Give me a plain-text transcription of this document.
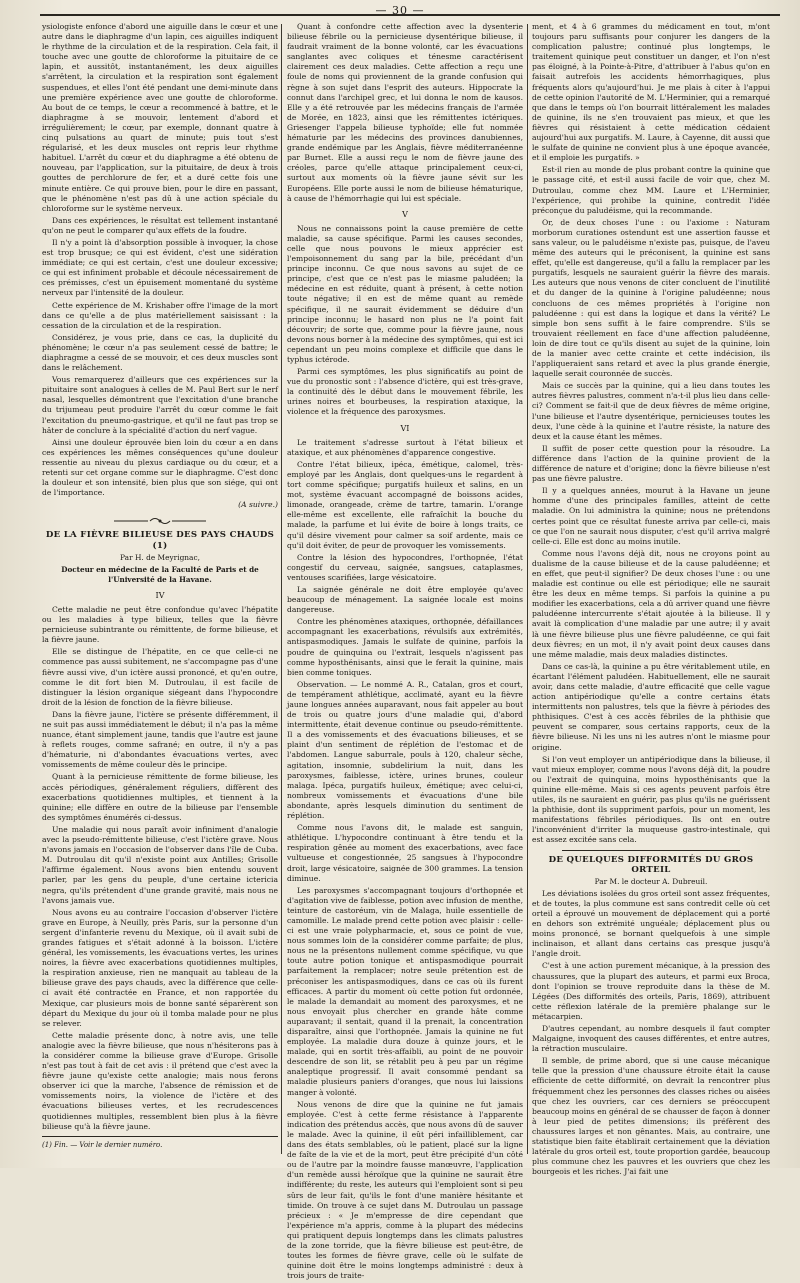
— 30 —

ysiologiste enfonce d'abord une aiguille dans le cœur et une autre dans le diaphragme d'un lapin, ces aiguilles indiquent le rhythme de la circulation et de la respiration. Cela fait, il touche avec une goutte de chloroforme la pituitaire de ce lapin, et aussitôt, instantanément, les deux aiguilles s'arrêtent, la circulation et la respiration sont également suspendues, et elles l'ont été pendant une demi-minute dans une première expérience avec une goutte de chloroforme. Au bout de ce temps, le cœur a recommencé à battre, et le diaphragme à se mouvoir, lentement d'abord et irrégulièrement; le cœur, par exemple, donnant quatre à cinq pulsations au quart de minute; puis tout s'est régularisé, et les deux muscles ont repris leur rhythme habituel. L'arrêt du cœur et du diaphragme a été obtenu de nouveau, par l'application, sur la pituitaire, de deux à trois gouttes de perchlorure de fer, et a duré cette fois une minute entière. Ce qui prouve bien, pour le dire en passant, que le phénomène n'est pas dû à une action spéciale du chloroforme sur le système nerveux.

Dans ces expériences, le résultat est tellement instantané qu'on ne peut le comparer qu'aux effets de la foudre.

Il n'y a point là d'absorption possible à invoquer, la chose est trop brusque; ce qui est évident, c'est une sidération immédiate; ce qui est certain, c'est une douleur excessive; ce qui est infiniment probable et découle nécessairement de ces prémisses, c'est un épuisement momentané du système nerveux par l'intensité de la douleur.

Cette expérience de M. Krishaber offre l'image de la mort dans ce qu'elle a de plus matériellement saisissant : la cessation de la circulation et de la respiration.

Considérez, je vous prie, dans ce cas, la duplicité du phénomène; le cœur n'a pas seulement cessé de battre; le diaphragme a cessé de se mouvoir, et ces deux muscles sont dans le relâchement.

Vous remarquerez d'ailleurs que ces expériences sur la pituitaire sont analogues à celles de M. Paul Bert sur le nerf nasal, lesquelles démontrent que l'excitation d'une branche du trijumeau peut produire l'arrêt du cœur comme le fait l'excitation du pneumo-gastrique, et qu'il ne faut pas trop se hâter de conclure à la spécialité d'action du nerf vague.

Ainsi une douleur éprouvée bien loin du cœur a en dans ces expériences les mêmes conséquences qu'une douleur ressentie au niveau du plexus cardiaque ou du cœur, et a retenti sur cet organe comme sur le diaphragme. C'est donc la douleur et son intensité, bien plus que son siége, qui ont de l'importance.

(A suivre.)
DE LA FIÈVRE BILIEUSE DES PAYS CHAUDS (1)
Par H. de Meyrignac,
Docteur en médecine de la Faculté de Paris et de l'Université de la Havane.
IV

Cette maladie ne peut être confondue qu'avec l'hépatite ou les maladies à type bilieux, telles que la fièvre pernicieuse subintrante ou rémittente, de forme bilieuse, et la fièvre jaune.

Elle se distingue de l'hépatite, en ce que celle-ci ne commence pas aussi subitement, ne s'accompagne pas d'une fièvre aussi vive, d'un ictère aussi prononcé, et qu'en outre, comme le dit fort bien M. Dutroulau, il est facile de distinguer la lésion organique siégeant dans l'hypocondre droit de la lésion de fonction de la fièvre bilieuse.

Dans la fièvre jaune, l'ictère se présente différemment, il ne suit pas aussi immédiatement le début; il n'a pas la même nuance, étant simplement jaune, tandis que l'autre est jaune à reflets rouges, comme safrané; en outre, il n'y a pas d'hématurie, ni d'abondantes évacuations vertes, avec vomissements de même couleur dès le principe.

Quant à la pernicieuse rémittente de forme bilieuse, les accès périodiques, généralement réguliers, diffèrent des exacerbations quotidiennes multiples, et tiennent à la quinine; elle diffère en outre de la bilieuse par l'ensemble des symptômes énumérés ci-dessus.

Une maladie qui nous paraît avoir infiniment d'analogie avec la pseudo-rémittente bilieuse, c'est l'ictère grave. Nous n'avons jamais en l'occasion de l'observer dans l'île de Cuba. M. Dutroulau dit qu'il n'existe point aux Antilles; Grisolle l'affirme également. Nous avons bien entendu souvent parler, par les gens du peuple, d'une certaine ictericia negra, qu'ils prétendent d'une grande gravité, mais nous ne l'avons jamais vue.

Nous avons eu au contraire l'occasion d'observer l'ictère grave en Europe, à Neuilly, près Paris, sur la personne d'un sergent d'infanterie revenu du Mexique, où il avait subi de grandes fatigues et s'était adonné à la boisson. L'ictère général, les vomissements, les évacuations vertes, les urines noires, la fièvre avec exacerbations quotidiennes multiples, la respiration anxieuse, rien ne manquait au tableau de la bilieuse grave des pays chauds, avec la différence que celle-ci avait été contractée en France, et non rapportée du Mexique, car plusieurs mois de bonne santé séparèrent son départ du Mexique du jour où il tomba malade pour ne plus se relever.

Cette maladie présente donc, à notre avis, une telle analogie avec la fièvre bilieuse, que nous n'hésiterons pas à la considérer comme la bilieuse grave d'Europe. Grisolle n'est pas tout à fait de cet avis : il prétend que c'est avec la fièvre jaune qu'existe cette analogie; mais nous ferons observer ici que la marche, l'absence de rémission et de vomissements noirs, la violence de l'ictère et des évacuations bilieuses vertes, et les recrudescences quotidiennes multiples, ressemblent bien plus à la fièvre bilieuse qu'à la fièvre jaune.

(1) Fin. — Voir le dernier numéro.

Quant à confondre cette affection avec la dysenterie bilieuse fébrile ou la pernicieuse dysentérique bilieuse, il faudrait vraiment de la bonne volonté, car les évacuations sanglantes avec coliques et ténesme caractérisent clairement ces deux maladies. Cette affection a reçu une foule de noms qui proviennent de la grande confusion qui règne à son sujet dans l'esprit des auteurs. Hippocrate la connut dans l'archipel grec, et lui donna le nom de kausos. Elle y a été retrouvée par les médecins français de l'armée de Morée, en 1823, ainsi que les rémittentes ictériques. Griesenger l'appela bilieuse typhoïde; elle fut nommée hématurie par les médecins des provinces danubiennes, grande endémique par les Anglais, fièvre méditerranéenne par Burnet. Elle a aussi reçu le nom de fièvre jaune des créoles, parce qu'elle attaque principalement ceux-ci, surtout aux moments où la fièvre jaune sévit sur les Européens. Elle porte aussi le nom de bilieuse hématurique, à cause de l'hémorrhagie qui lui est spéciale.

V

Nous ne connaissons point la cause première de cette maladie, sa cause spécifique. Parmi les causes secondes, celle que nous pouvons le mieux apprécier est l'empoisonnement du sang par la bile, précédant d'un principe inconnu. Ce que nous savons au sujet de ce principe, c'est que ce n'est pas le miasme paludéen; la médecine en est réduite, quant à présent, à cette notion toute négative; il en est de même quant au remède spécifique, il ne saurait évidemment se déduire d'un principe inconnu; le hasard non plus ne l'a point fait découvrir; de sorte que, comme pour la fièvre jaune, nous devons nous borner à la médecine des symptômes, qui est ici cependant un peu moins complexe et difficile que dans le typhus ictérode.

Parmi ces symptômes, les plus significatifs au point de vue du pronostic sont : l'absence d'ictère, qui est très-grave, la continuité dès le début dans le mouvement fébrile, les urines noires et bourbeuses, la respiration ataxique, la violence et la fréquence des paroxysmes.

VI

Le traitement s'adresse surtout à l'état bilieux et ataxique, et aux phénomènes d'apparence congestive.

Contre l'état bilieux, ipéca, émétique, calomel, très-employé par les Anglais, dont quelques-uns le regardent à tort comme spécifique; purgatifs huileux et salins, en un mot, système évacuant accompagné de boissons acides, limonade, orangeade, crème de tartre, tamarin. L'orange elle-même est excellente, elle rafraîchit la bouche du malade, la parfume et lui évite de boire à longs traits, ce qu'il désire vivement pour calmer sa soif ardente, mais ce qu'il doit éviter, de peur de provoquer les vomissements.

Contre la lésion des hypocondres, l'orthopnée, l'état congestif du cerveau, saignée, sangsues, cataplasmes, ventouses scarifiées, large vésicatoire.

La saignée générale ne doit être employée qu'avec beaucoup de ménagement. La saignée locale est moins dangereuse.

Contre les phénomènes ataxiques, orthopnée, défaillances accompagnant les exacerbations, révulsifs aux extrémités, antispasmodiques. Jamais le sulfate de quinine, parfois la poudre de quinquina ou l'extrait, lesquels n'agissent pas comme hyposthénisants, ainsi que le ferait la quinine, mais bien comme toniques.

Observation. — Le nommé A. R., Catalan, gros et court, de tempérament athlétique, acclimaté, ayant eu la fièvre jaune longues années auparavant, nous fait appeler au bout de trois ou quatre jours d'une maladie qui, d'abord intermittente, était devenue continue ou pseudo-rémittente. Il a des vomissements et des évacuations bilieuses, et se plaint d'un sentiment de réplétion de l'estomac et de l'abdomen. Langue saburrale, pouls à 120, chaleur sèche, agitation, insomnie, subdelirium la nuit, dans les paroxysmes, faiblesse, ictère, urines brunes, couleur malaga. Ipéca, purgatifs huileux, émétique; avec celui-ci, nombreux vomissements et évacuations d'une bile abondante, après lesquels diminution du sentiment de réplétion.

Comme nous l'avons dit, le malade est sanguin, athlétique. L'hypocondre continuant à être tendu et la respiration gênée au moment des exacerbations, avec face vultueuse et congestionnée, 25 sangsues à l'hypocondre droit, large vésicatoire, saignée de 300 grammes. La tension diminue.

Les paroxysmes s'accompagnant toujours d'orthopnée et d'agitation vive de faiblesse, potion avec infusion de menthe, teinture de castoréum, vin de Malaga, huile essentielle de camomille. Le malade prend cette potion avec plaisir : celle-ci est une vraie polypharmacie, et, sous ce point de vue, nous sommes loin de la considérer comme parfaite; de plus, nous ne la présentons nullement comme spécifique, vu que toute autre potion tonique et antispasmodique pourrait parfaitement la remplacer; notre seule prétention est de préconiser les antispasmodiques, dans ce cas où ils furent efficaces. A partir du moment où cette potion fut ordonnée, le malade la demandait au moment des paroxysmes, et ne nous envoyait plus chercher en grande hâte comme auparavant; il sentait, quand il la prenait, la concentration disparaître, ainsi que l'orthopnée. Jamais la quinine ne fut employée. La maladie dura douze à quinze jours, et le malade, qui en sortit très-affaibli, au point de ne pouvoir descendre de son lit, se rétablit peu à peu par un régime analeptique progressif. Il avait consommé pendant sa maladie plusieurs paniers d'oranges, que nous lui laissions manger à volonté.

Nous venons de dire que la quinine ne fut jamais employée. C'est à cette ferme résistance à l'apparente indication des prétendus accès, que nous avons dû de sauver le malade. Avec la quinine, il eût péri infailliblement, car dans des états semblables, où le patient, placé sur la ligne de faîte de la vie et de la mort, peut être précipité d'un côté ou de l'autre par la moindre fausse manœuvre, l'application d'un remède aussi héroïque que la quinine ne saurait être indifférente; du reste, les auteurs qui l'emploient sont si peu sûrs de leur fait, qu'ils le font d'une manière hésitante et timide. On trouve à ce sujet dans M. Dutroulau un passage précieux : « Je m'empresse de dire cependant que l'expérience m'a appris, comme à la plupart des médecins qui pratiquent depuis longtemps dans les climats palustres de la zone torride, que la fièvre bilieuse est peut-être, de toutes les formes de fièvre grave, celle où le sulfate de quinine doit être le moins longtemps administré : deux à trois jours de traite-

ment, et 4 à 6 grammes du médicament en tout, m'ont toujours paru suffisants pour conjurer les dangers de la complication palustre; continué plus longtemps, le traitement quinique peut constituer un danger, et l'on n'est pas éloigné, à la Pointe-à-Pitre, d'attribuer à l'abus qu'on en faisait autrefois les accidents hémorrhagiques, plus fréquents alors qu'aujourd'hui. Je me plais à citer à l'appui de cette opinion l'autorité de M. L'Herminier, qui a remarqué que dans le temps où l'on bourrait littéralement les malades de quinine, ils ne s'en trouvaient pas mieux, et que les fièvres qui résistaient à cette médication cédaient aujourd'hui aux purgatifs. M. Laure, à Cayenne, dit aussi que le sulfate de quinine ne convient plus à une époque avancée, et il emploie les purgatifs. »

Est-il rien au monde de plus probant contre la quinine que le passage cité, et est-il aussi facile de voir que, chez M. Dutroulau, comme chez MM. Laure et L'Herminier, l'expérience, qui prohibe la quinine, contredit l'idée préconçue du paludéisme, qui la recommande.

Or, de deux choses l'une : ou l'axiome : Naturam morborum curationes ostendunt est une assertion fausse et sans valeur, ou le paludéisme n'existe pas, puisque, de l'aveu même des auteurs qui le préconisent, la quinine est sans effet, qu'elle est dangereuse, qu'il a fallu la remplacer par les purgatifs, lesquels ne sauraient guérir la fièvre des marais. Les auteurs que nous venons de citer concluent de l'inutilité et du danger de la quinine à l'origine paludéenne; nous concluons de ces mêmes propriétés à l'origine non paludéenne : qui est dans la logique et dans la vérité? Le simple bon sens suffit à le faire comprendre. S'ils se trouvaient réellement en face d'une affection paludéenne, loin de dire tout ce qu'ils disent au sujet de la quinine, loin de la manier avec cette crainte et cette indécision, ils l'appliqueraient sans retard et avec la plus grande énergie, laquelle serait couronnée de succès.

Mais ce succès par la quinine, qui a lieu dans toutes les autres fièvres palustres, comment n'a-t-il plus lieu dans celle-ci? Comment se fait-il que de deux fièvres de même origine, l'une bilieuse et l'autre dysentérique, pernicieuses toutes les deux, l'une cède à la quinine et l'autre résiste, la nature des deux et la cause étant les mêmes.

Il suffit de poser cette question pour la résoudre. La différence dans l'action de la quinine provient de la différence de nature et d'origine; donc la fièvre bilieuse n'est pas une fièvre palustre.

Il y a quelques années, mourut à la Havane un jeune homme d'une des principales familles, atteint de cette maladie. On lui administra la quinine; nous ne prétendons certes point que ce résultat funeste arriva par celle-ci, mais ce que l'on ne saurait nous disputer, c'est qu'il arriva malgré celle-ci. Elle est donc au moins inutile.

Comme nous l'avons déjà dit, nous ne croyons point au dualisme de la cause bilieuse et de la cause paludéenne; et en effet, que peut-il signifier? De deux choses l'une : ou une maladie est continue ou elle est périodique; elle ne saurait être les deux en même temps. Si parfois la quinine a pu modifier les exacerbations, cela a dû arriver quand une fièvre paludéenne intercurrente s'était ajoutée à la bilieuse. Il y avait là complication d'une maladie par une autre; il y avait là une fièvre bilieuse plus une fièvre paludéenne, ce qui fait deux fièvres; en un mot, il n'y avait point deux causes dans une même maladie, mais deux maladies distinctes.

Dans ce cas-là, la quinine a pu être véritablement utile, en écartant l'élément paludéen. Habituellement, elle ne saurait avoir, dans cette maladie, d'autre efficacité que celle vague action antipériodique qu'elle a contre certains états intermittents non palustres, tels que la fièvre à périodes des phthisiques. C'est à ces accès fébriles de la phthisie que peuvent se comparer, sous certains rapports, ceux de la fièvre bilieuse. Ni les uns ni les autres n'ont le miasme pour origine.

Si l'on veut employer un antipériodique dans la bilieuse, il vaut mieux employer, comme nous l'avons déjà dit, la poudre ou l'extrait de quinquina, moins hyposthénisants que la quinine elle-même. Mais si ces agents peuvent parfois être utiles, ils ne sauraient en guérir, pas plus qu'ils ne guérissent la phthisie, dont ils suppriment parfois, pour un moment, les manifestations fébriles périodiques. Ils ont en outre l'inconvénient d'irriter la muqueuse gastro-intestinale, qui est assez excitée sans cela.

DE QUELQUES DIFFORMITÉS DU GROS ORTEIL
Par M. le docteur A. Dubreuil.

Les déviations isolées du gros orteil sont assez fréquentes, et de toutes, la plus commune est sans contredit celle où cet orteil a éprouvé un mouvement de déplacement qui a porté en dehors son extrémité unguéale; déplacement plus ou moins prononcé, se bornant quelquefois à une simple inclinaison, et allant dans certains cas presque jusqu'à l'angle droit.

C'est à une action purement mécanique, à la pression des chaussures, que la plupart des auteurs, et parmi eux Broca, dont l'opinion se trouve reproduite dans la thèse de M. Légées (Des difformités des orteils, Paris, 1869), attribuent cette réflexion latérale de la première phalange sur le métacarpien.

D'autres cependant, au nombre desquels il faut compter Malgaigne, invoquent des causes différentes, et entre autres, la rétraction musculaire.

Il semble, de prime abord, que si une cause mécanique telle que la pression d'une chaussure étroite était la cause efficiente de cette difformité, on devrait la rencontrer plus fréquemment chez les personnes des classes riches ou aisées que chez les ouvriers, car ces derniers se préoccupent beaucoup moins en général de se chausser de façon à donner à leur pied de petites dimensions; ils préfèrent des chaussures larges et non gênantes. Mais, au contraire, une statistique bien faite établirait certainement que la déviation latérale du gros orteil est, toute proportion gardée, beaucoup plus commune chez les pauvres et les ouvriers que chez les bourgeois et les riches. J'ai fait une
